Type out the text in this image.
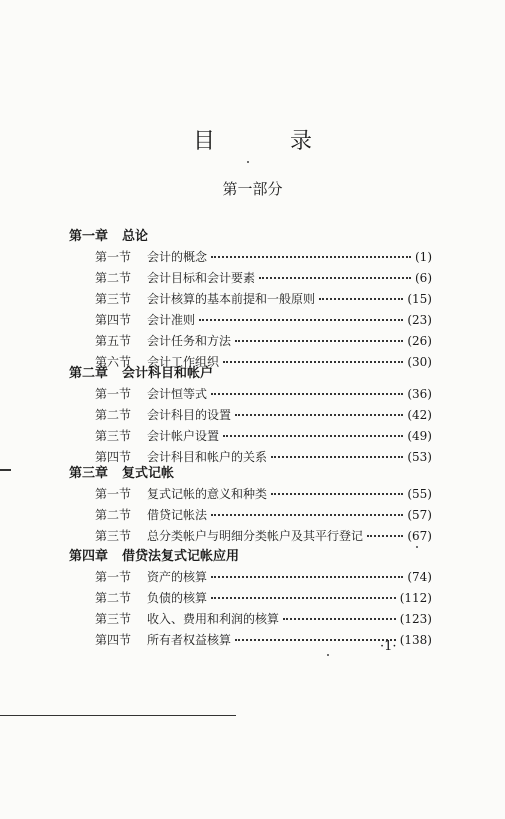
目 录
第一部分
第一章 总论
第一节	会计的概念	(1)
第二节	会计目标和会计要素	(6)
第三节	会计核算的基本前提和一般原则	(15)
第四节	会计准则	(23)
第五节	会计任务和方法	(26)
第六节	会计工作组织	(30)
第二章 会计科目和帐户
第一节	会计恒等式	(36)
第二节	会计科目的设置	(42)
第三节	会计帐户设置	(49)
第四节	会计科目和帐户的关系	(53)
第三章 复式记帐
第一节	复式记帐的意义和种类	(55)
第二节	借贷记帐法	(57)
第三节	总分类帐户与明细分类帐户及其平行登记	(67)
第四章 借贷法复式记帐应用
第一节	资产的核算	(74)
第二节	负债的核算	(112)
第三节	收入、费用和利润的核算	(123)
第四节	所有者权益核算	(138)
·1·
